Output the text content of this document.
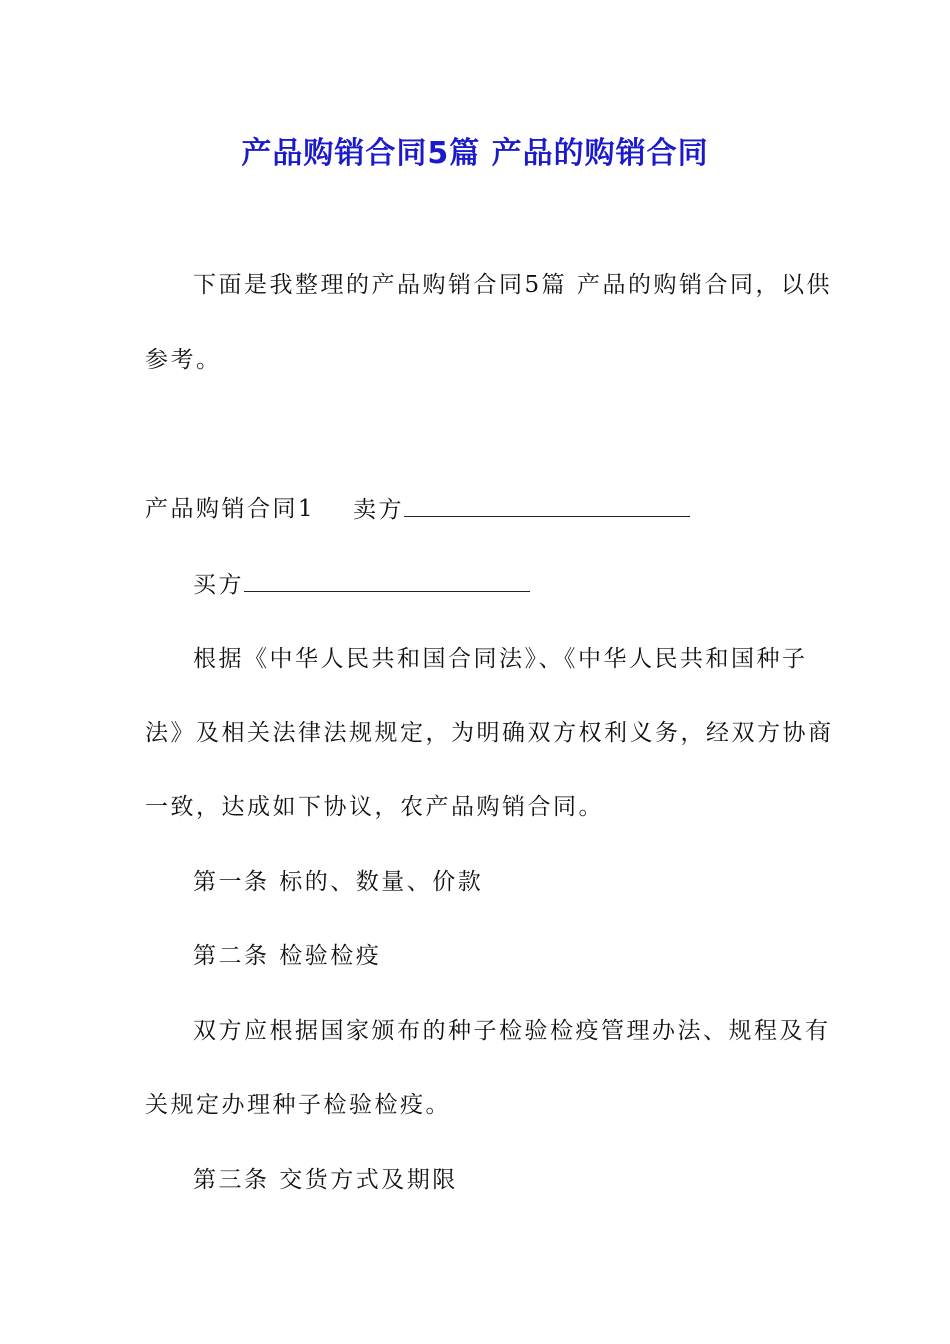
产品购销合同5篇 产品的购销合同
下面是我整理的产品购销合同5篇 产品的购销合同，以供
参考。
产品购销合同1 卖方
买方
根据《中华人民共和国合同法》、《中华人民共和国种子
法》及相关法律法规规定，为明确双方权利义务，经双方协商
一致，达成如下协议，农产品购销合同。
第一条 标的、数量、价款
第二条 检验检疫
双方应根据国家颁布的种子检验检疫管理办法、规程及有
关规定办理种子检验检疫。
第三条 交货方式及期限
